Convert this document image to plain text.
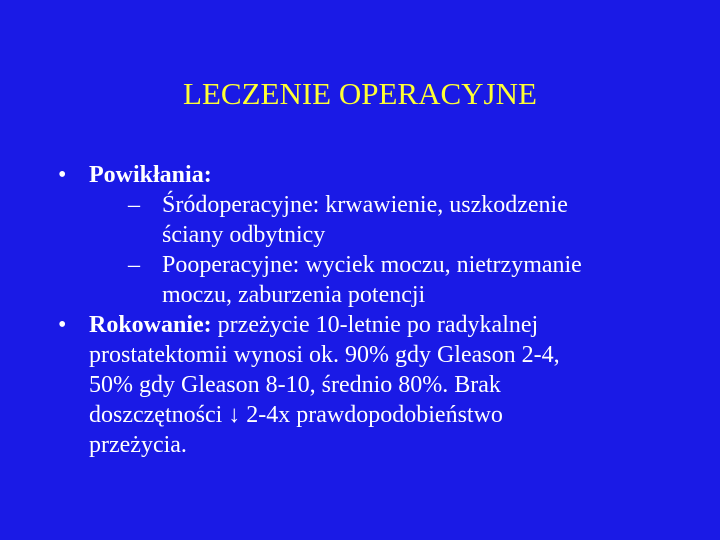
LECZENIE OPERACYJNE
• Powikłania:
– Śródoperacyjne: krwawienie, uszkodzenie
ściany odbytnicy
– Pooperacyjne: wyciek moczu, nietrzymanie
moczu, zaburzenia potencji
• Rokowanie: przeżycie 10-letnie po radykalnej
prostatektomii wynosi ok. 90% gdy Gleason 2-4,
50% gdy Gleason 8-10, średnio 80%. Brak
doszczętności ↓ 2-4x prawdopodobieństwo
przeżycia.
